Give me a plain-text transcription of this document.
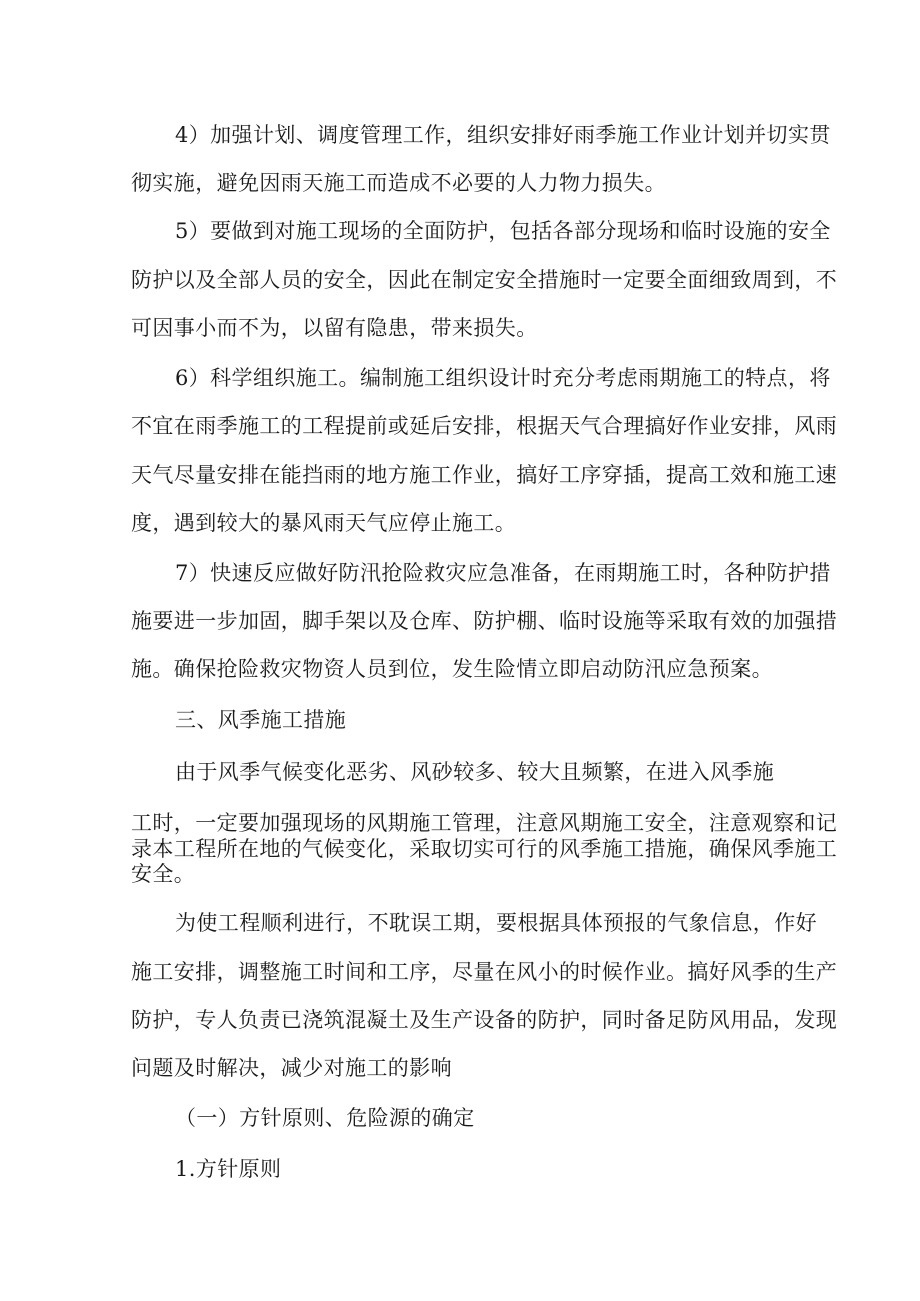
4）加强计划、调度管理工作，组织安排好雨季施工作业计划并切实贯
彻实施，避免因雨天施工而造成不必要的人力物力损失。
5）要做到对施工现场的全面防护，包括各部分现场和临时设施的安全
防护以及全部人员的安全，因此在制定安全措施时一定要全面细致周到，不
可因事小而不为，以留有隐患，带来损失。
6）科学组织施工。编制施工组织设计时充分考虑雨期施工的特点，将
不宜在雨季施工的工程提前或延后安排，根据天气合理搞好作业安排，风雨
天气尽量安排在能挡雨的地方施工作业，搞好工序穿插，提高工效和施工速
度，遇到较大的暴风雨天气应停止施工。
7）快速反应做好防汛抢险救灾应急准备，在雨期施工时，各种防护措
施要进一步加固，脚手架以及仓库、防护棚、临时设施等采取有效的加强措
施。确保抢险救灾物资人员到位，发生险情立即启动防汛应急预案。
三、风季施工措施
由于风季气候变化恶劣、风砂较多、较大且频繁，在进入风季施
工时，一定要加强现场的风期施工管理，注意风期施工安全，注意观察和记
录本工程所在地的气候变化，采取切实可行的风季施工措施，确保风季施工
安全。
为使工程顺利进行，不耽误工期，要根据具体预报的气象信息，作好
施工安排，调整施工时间和工序，尽量在风小的时候作业。搞好风季的生产
防护，专人负责已浇筑混凝土及生产设备的防护，同时备足防风用品，发现
问题及时解决，减少对施工的影响
（一）方针原则、危险源的确定
1.方针原则
